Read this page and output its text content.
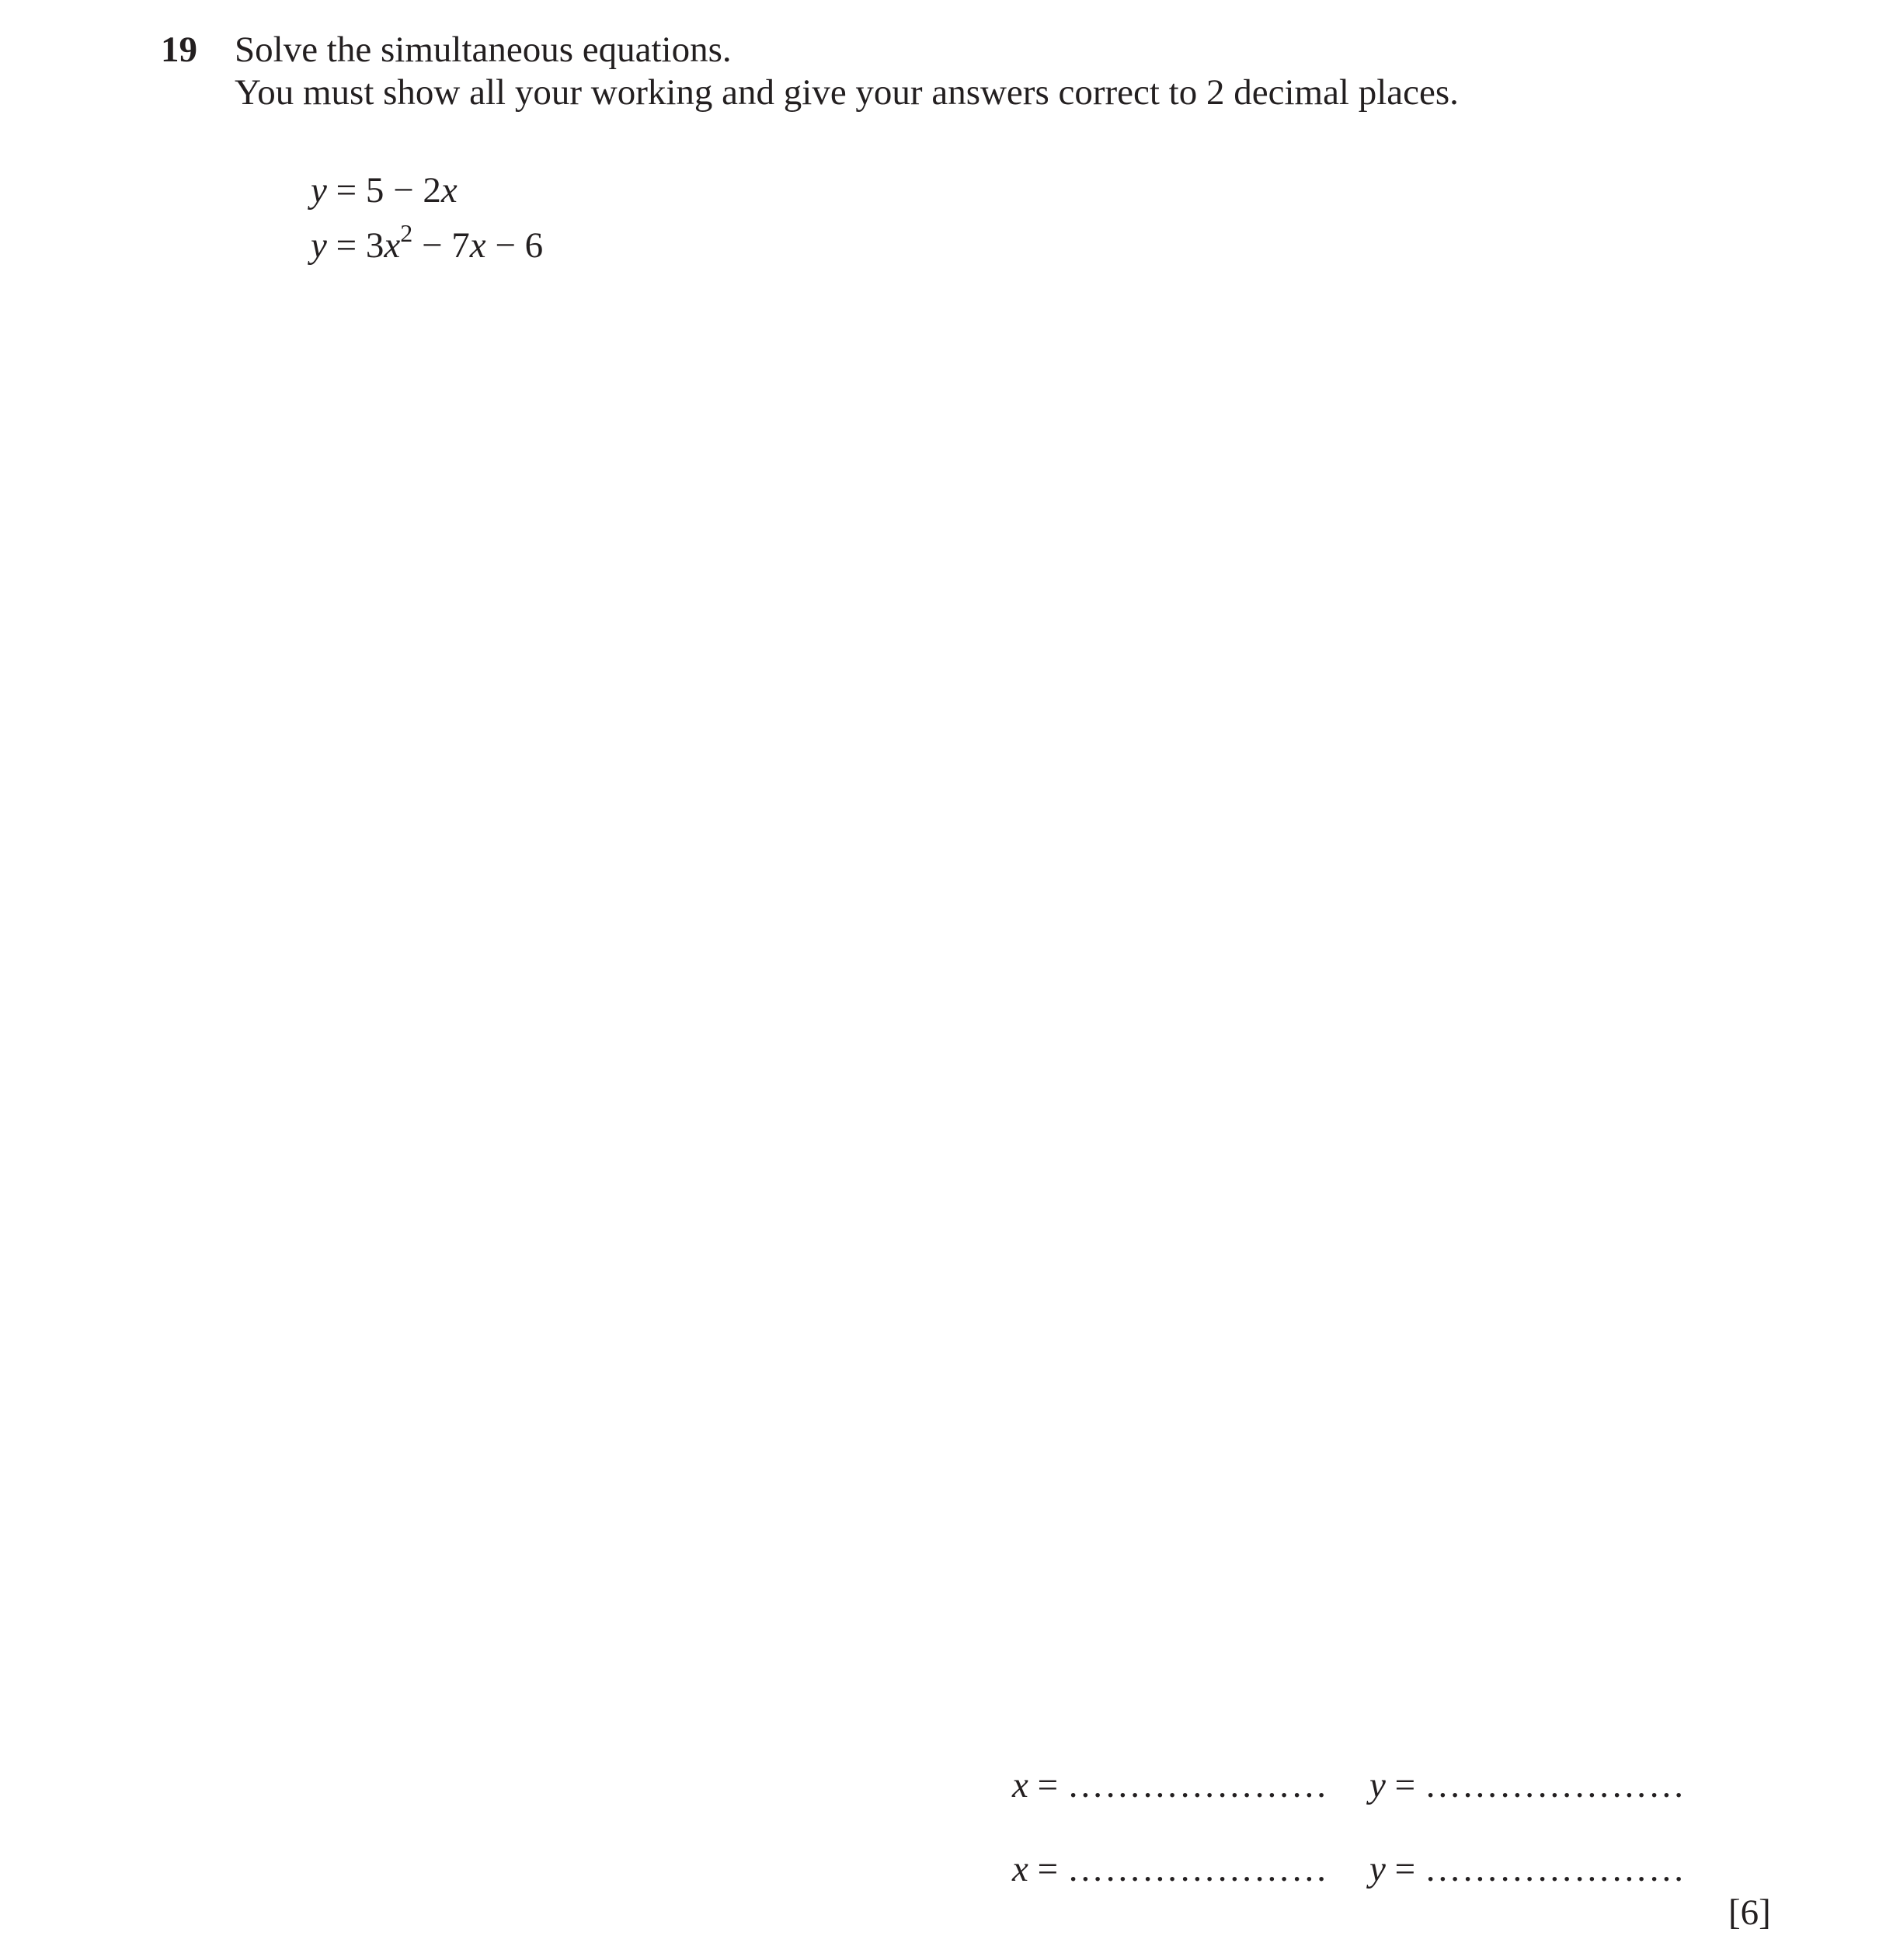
19 Solve the simultaneous equations.
You must show all your working and give your answers correct to 2 decimal places.
y = 5 − 2x
$y = 3x^2 - 7x - 6$
x = ………………… y = …………………
x = ………………… y = …………………
[6]
